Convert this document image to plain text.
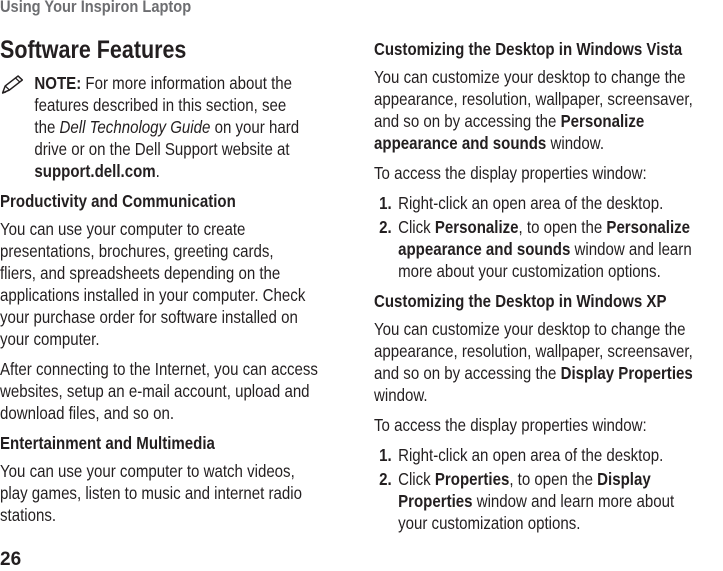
Using Your Inspiron Laptop
Software Features

NOTE: For more information about the
features described in this section, see
the Dell Technology Guide on your hard
drive or on the Dell Support website at
support.dell.com.

Productivity and Communication

You can use your computer to create
presentations, brochures, greeting cards,
fliers, and spreadsheets depending on the
applications installed in your computer. Check
your purchase order for software installed on
your computer.

After connecting to the Internet, you can access
websites, setup an e-mail account, upload and
download files, and so on.

Entertainment and Multimedia

You can use your computer to watch videos,
play games, listen to music and internet radio
stations.

Customizing the Desktop in Windows Vista

You can customize your desktop to change the
appearance, resolution, wallpaper, screensaver,
and so on by accessing the Personalize
appearance and sounds window.

To access the display properties window:

1. Right-click an open area of the desktop.
2. Click Personalize, to open the Personalize
appearance and sounds window and learn
more about your customization options.

Customizing the Desktop in Windows XP

You can customize your desktop to change the
appearance, resolution, wallpaper, screensaver,
and so on by accessing the Display Properties
window.

To access the display properties window:

1. Right-click an open area of the desktop.
2. Click Properties, to open the Display
Properties window and learn more about
your customization options.
26
